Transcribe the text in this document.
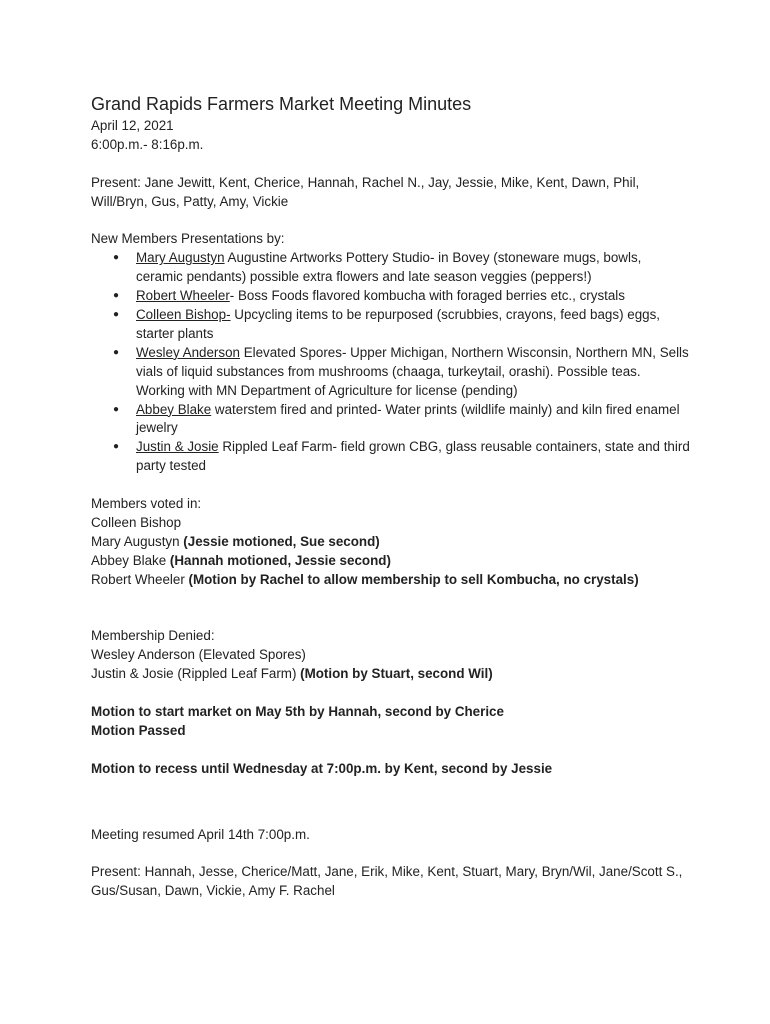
Grand Rapids Farmers Market Meeting Minutes

April 12, 2021

6:00p.m.- 8:16p.m.

Present: Jane Jewitt, Kent, Cherice, Hannah, Rachel N., Jay, Jessie, Mike, Kent, Dawn, Phil, Will/Bryn, Gus, Patty, Amy, Vickie

New Members Presentations by:

● Mary Augustyn Augustine Artworks Pottery Studio- in Bovey (stoneware mugs, bowls, ceramic pendants) possible extra flowers and late season veggies (peppers!)
● Robert Wheeler- Boss Foods flavored kombucha with foraged berries etc., crystals
● Colleen Bishop- Upcycling items to be repurposed (scrubbies, crayons, feed bags) eggs, starter plants
● Wesley Anderson Elevated Spores- Upper Michigan, Northern Wisconsin, Northern MN, Sells vials of liquid substances from mushrooms (chaaga, turkeytail, orashi). Possible teas. Working with MN Department of Agriculture for license (pending)
● Abbey Blake waterstem fired and printed- Water prints (wildlife mainly) and kiln fired enamel jewelry
● Justin & Josie Rippled Leaf Farm- field grown CBG, glass reusable containers, state and third party tested

Members voted in:

Colleen Bishop

Mary Augustyn (Jessie motioned, Sue second)

Abbey Blake (Hannah motioned, Jessie second)

Robert Wheeler (Motion by Rachel to allow membership to sell Kombucha, no crystals)

Membership Denied:

Wesley Anderson (Elevated Spores)

Justin & Josie (Rippled Leaf Farm) (Motion by Stuart, second Wil)

Motion to start market on May 5th by Hannah, second by Cherice

Motion Passed

Motion to recess until Wednesday at 7:00p.m. by Kent, second by Jessie

Meeting resumed April 14th 7:00p.m.

Present: Hannah, Jesse, Cherice/Matt, Jane, Erik, Mike, Kent, Stuart, Mary, Bryn/Wil, Jane/Scott S., Gus/Susan, Dawn, Vickie, Amy F. Rachel
